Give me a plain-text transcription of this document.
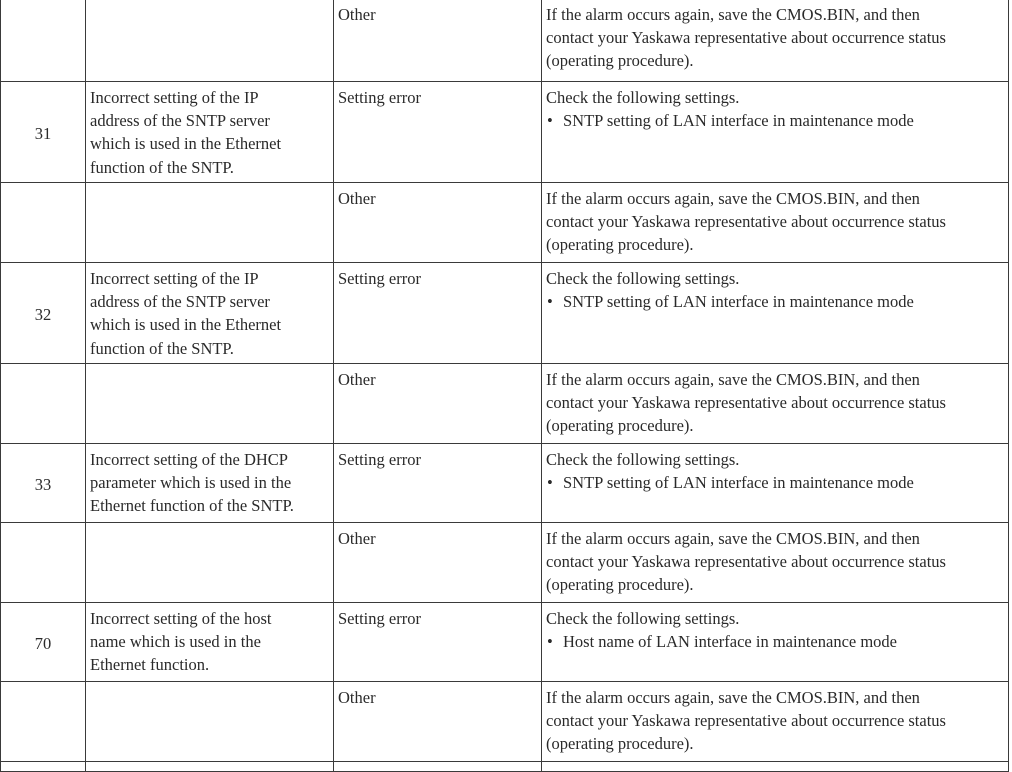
		Other	If the alarm occurs again, save the CMOS.BIN, and then
contact your Yaskawa representative about occurrence status
(operating procedure).

31	Incorrect setting of the IP
address of the SNTP server
which is used in the Ethernet
function of the SNTP.	Setting error	Check the following settings.
• SNTP setting of LAN interface in maintenance mode

		Other	If the alarm occurs again, save the CMOS.BIN, and then
contact your Yaskawa representative about occurrence status
(operating procedure).

32	Incorrect setting of the IP
address of the SNTP server
which is used in the Ethernet
function of the SNTP.	Setting error	Check the following settings.
• SNTP setting of LAN interface in maintenance mode

		Other	If the alarm occurs again, save the CMOS.BIN, and then
contact your Yaskawa representative about occurrence status
(operating procedure).

33	Incorrect setting of the DHCP
parameter which is used in the
Ethernet function of the SNTP.	Setting error	Check the following settings.
• SNTP setting of LAN interface in maintenance mode

		Other	If the alarm occurs again, save the CMOS.BIN, and then
contact your Yaskawa representative about occurrence status
(operating procedure).

70	Incorrect setting of the host
name which is used in the
Ethernet function.	Setting error	Check the following settings.
• Host name of LAN interface in maintenance mode

		Other	If the alarm occurs again, save the CMOS.BIN, and then
contact your Yaskawa representative about occurrence status
(operating procedure).
